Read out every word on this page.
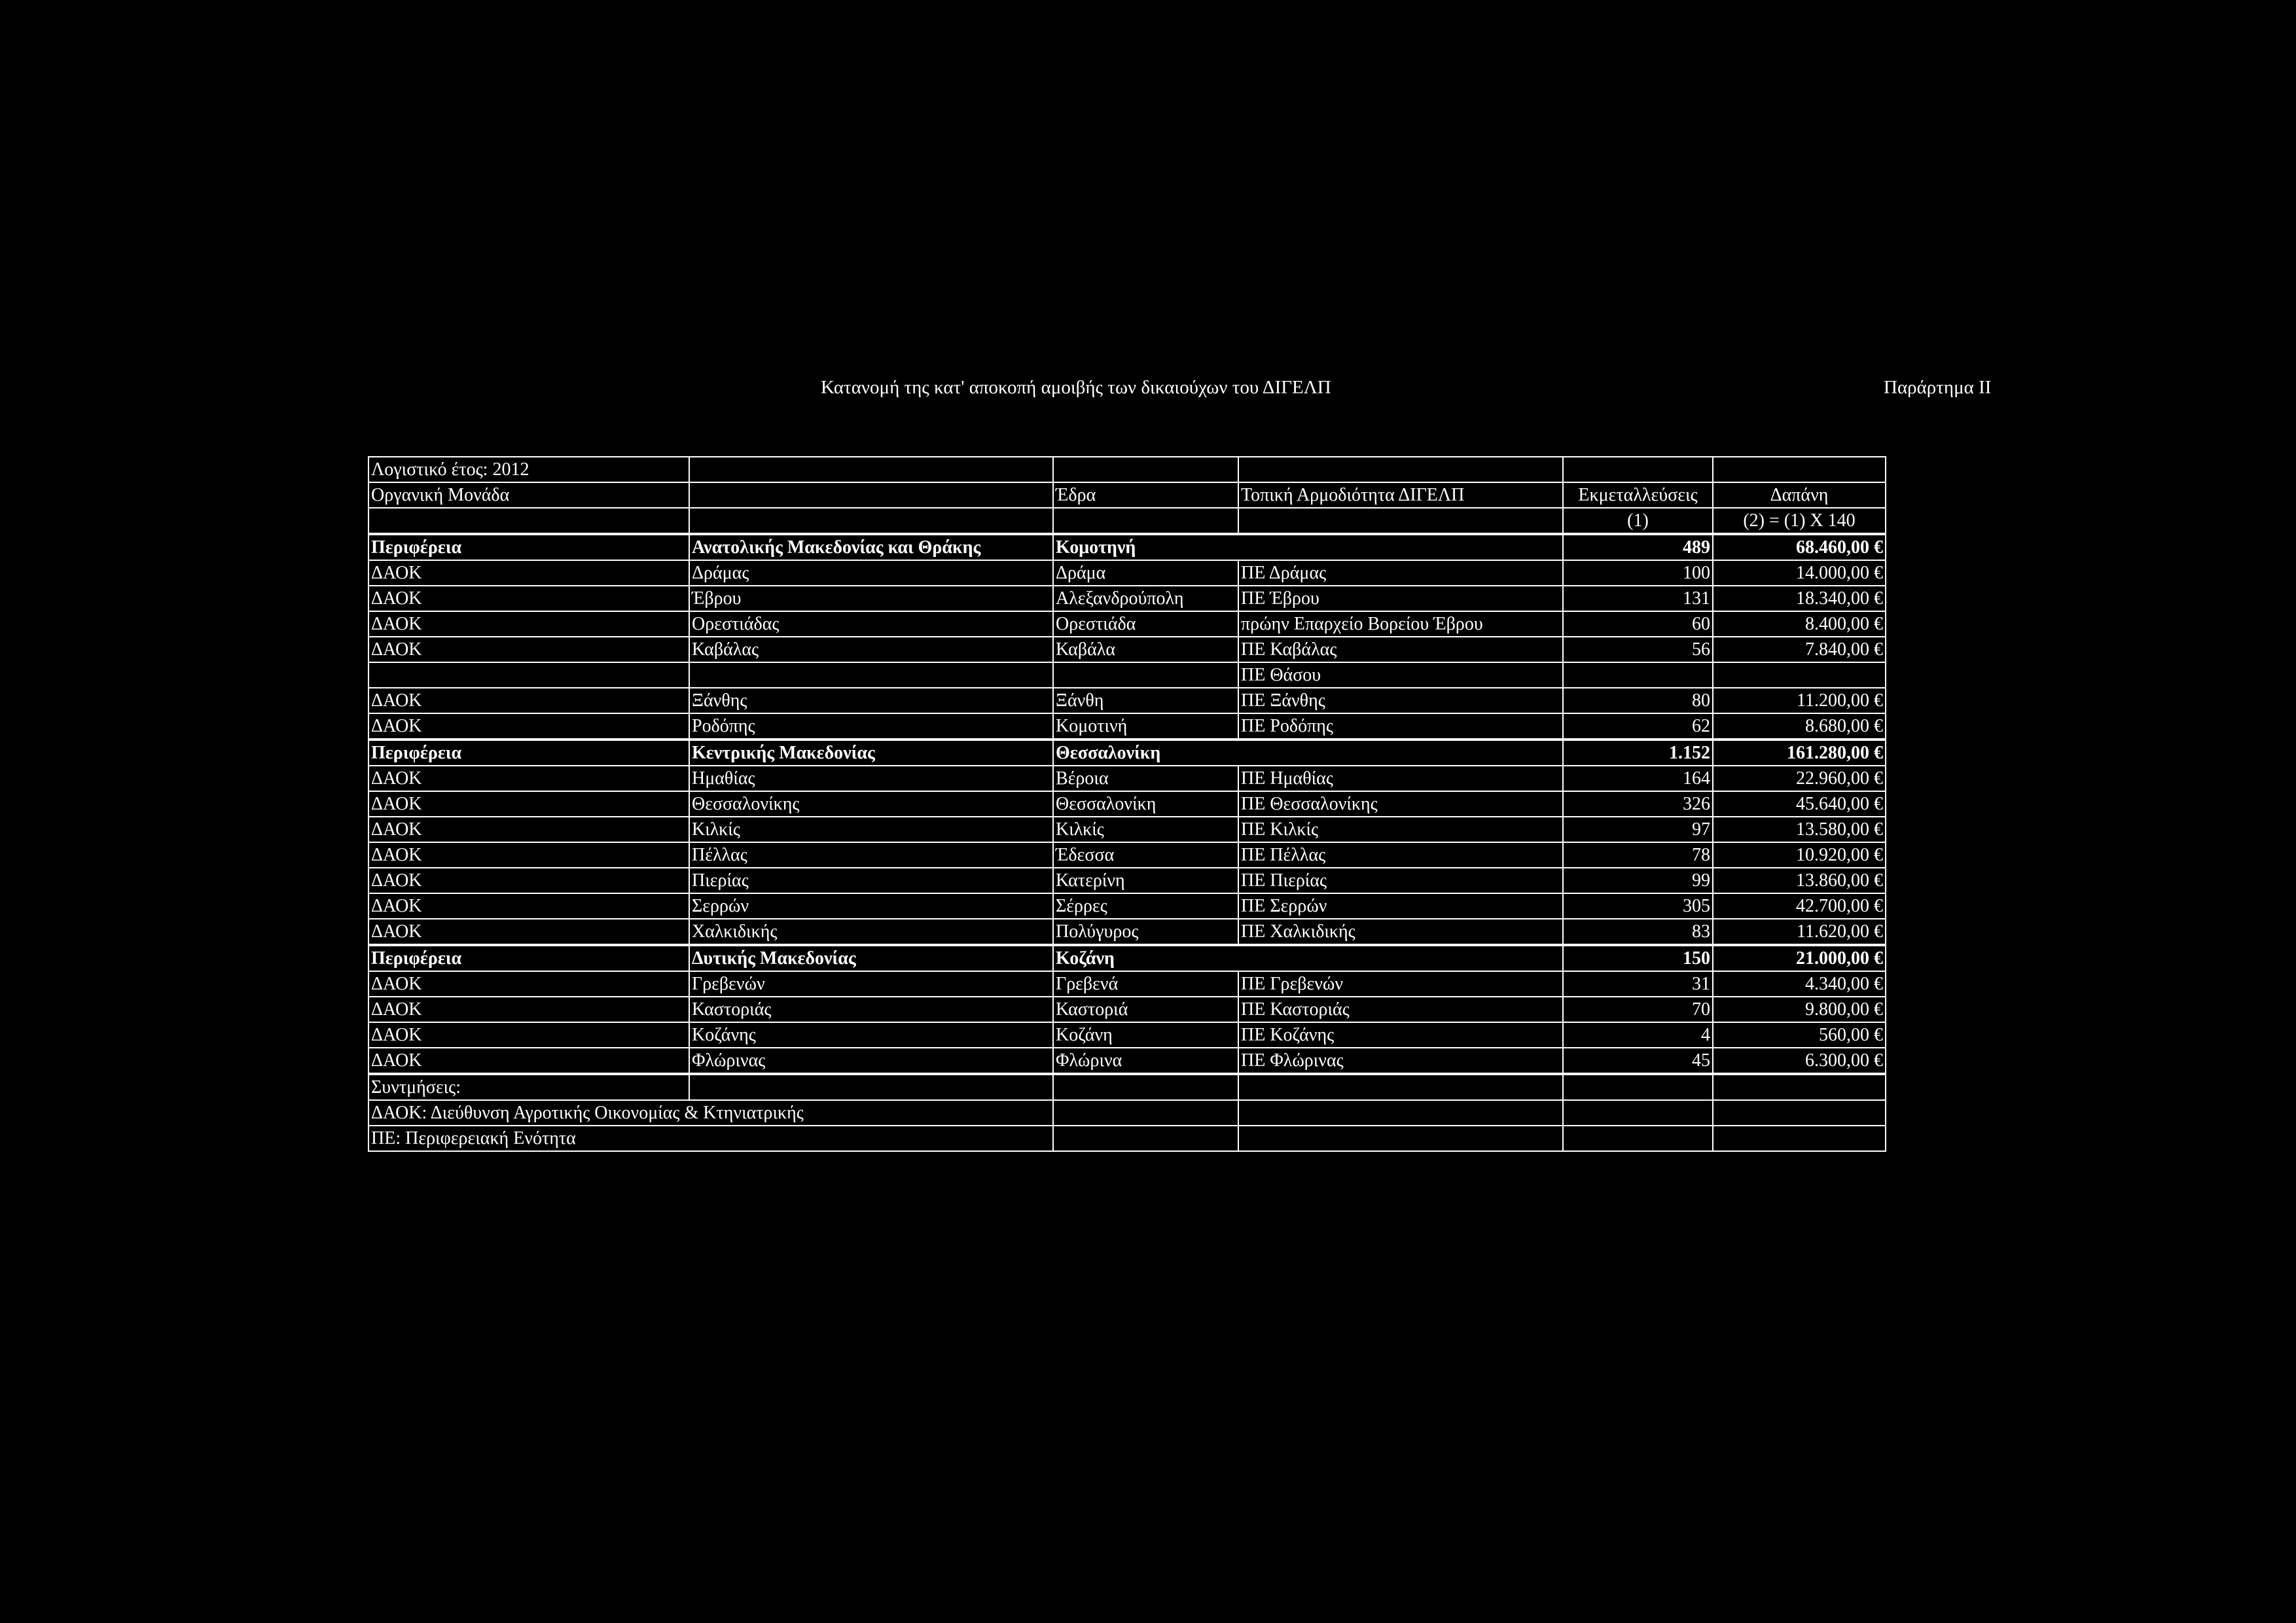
Κατανομή της κατ' αποκοπή αμοιβής των δικαιούχων του ΔΙΓΕΛΠ	Παράρτημα ΙΙ
Λογιστικό έτος: 2012					
Οργανική Μονάδα		Έδρα	Τοπική Αρμοδιότητα ΔΙΓΕΛΠ	Εκμεταλλεύσεις	Δαπάνη
				(1)	(2) = (1) Χ 140
Περιφέρεια	Ανατολικής Μακεδονίας και Θράκης	Κομοτηνή		489	68.460,00 €
ΔΑΟΚ	Δράμας	Δράμα	ΠΕ Δράμας	100	14.000,00 €
ΔΑΟΚ	Έβρου	Αλεξανδρούπολη	ΠΕ Έβρου	131	18.340,00 €
ΔΑΟΚ	Ορεστιάδας	Ορεστιάδα	πρώην Επαρχείο Βορείου Έβρου	60	8.400,00 €
ΔΑΟΚ	Καβάλας	Καβάλα	ΠΕ Καβάλας	56	7.840,00 €
			ΠΕ Θάσου		
ΔΑΟΚ	Ξάνθης	Ξάνθη	ΠΕ Ξάνθης	80	11.200,00 €
ΔΑΟΚ	Ροδόπης	Κομοτινή	ΠΕ Ροδόπης	62	8.680,00 €
Περιφέρεια	Κεντρικής Μακεδονίας	Θεσσαλονίκη		1.152	161.280,00 €
ΔΑΟΚ	Ημαθίας	Βέροια	ΠΕ Ημαθίας	164	22.960,00 €
ΔΑΟΚ	Θεσσαλονίκης	Θεσσαλονίκη	ΠΕ Θεσσαλονίκης	326	45.640,00 €
ΔΑΟΚ	Κιλκίς	Κιλκίς	ΠΕ Κιλκίς	97	13.580,00 €
ΔΑΟΚ	Πέλλας	Έδεσσα	ΠΕ Πέλλας	78	10.920,00 €
ΔΑΟΚ	Πιερίας	Κατερίνη	ΠΕ Πιερίας	99	13.860,00 €
ΔΑΟΚ	Σερρών	Σέρρες	ΠΕ Σερρών	305	42.700,00 €
ΔΑΟΚ	Χαλκιδικής	Πολύγυρος	ΠΕ Χαλκιδικής	83	11.620,00 €
Περιφέρεια	Δυτικής Μακεδονίας	Κοζάνη		150	21.000,00 €
ΔΑΟΚ	Γρεβενών	Γρεβενά	ΠΕ Γρεβενών	31	4.340,00 €
ΔΑΟΚ	Καστοριάς	Καστοριά	ΠΕ Καστοριάς	70	9.800,00 €
ΔΑΟΚ	Κοζάνης	Κοζάνη	ΠΕ Κοζάνης	4	560,00 €
ΔΑΟΚ	Φλώρινας	Φλώρινα	ΠΕ Φλώρινας	45	6.300,00 €
Συντμήσεις:					
ΔΑΟΚ: Διεύθυνση Αγροτικής Οικονομίας & Κτηνιατρικής					
ΠΕ: Περιφερειακή Ενότητα					
